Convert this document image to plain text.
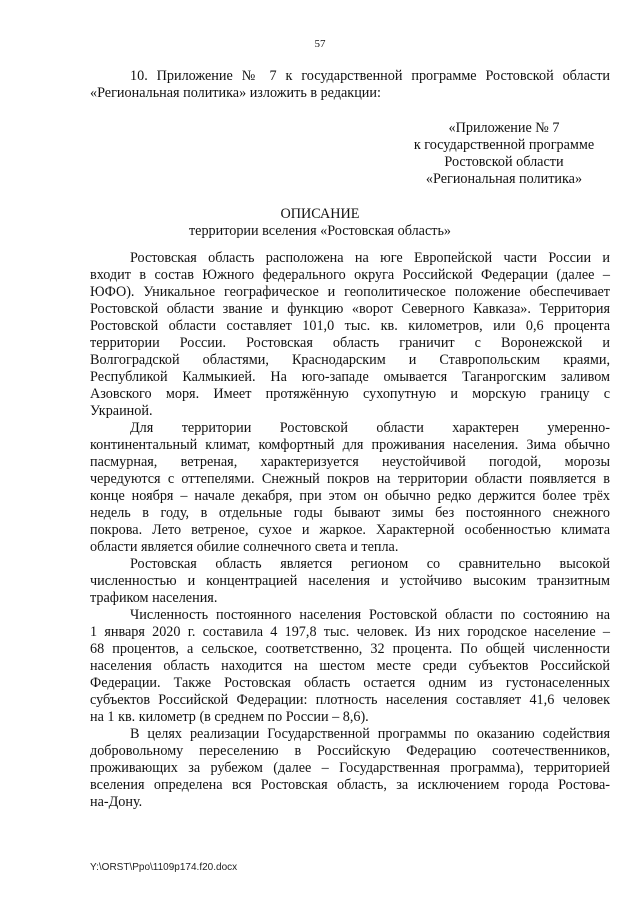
57
10. Приложение № 7 к государственной программе Ростовской области
«Региональная политика» изложить в редакции:
«Приложение № 7
к государственной программе
Ростовской области
«Региональная политика»
ОПИСАНИЕ
территории вселения «Ростовская область»

Ростовская область расположена на юге Европейской части России и
входит в состав Южного федерального округа Российской Федерации (далее –
ЮФО). Уникальное географическое и геополитическое положение обеспечивает
Ростовской области звание и функцию «ворот Северного Кавказа». Территория
Ростовской области составляет 101,0 тыс. кв. километров, или 0,6 процента
территории России. Ростовская область граничит с Воронежской и
Волгоградской областями, Краснодарским и Ставропольским краями,
Республикой Калмыкией. На юго-западе омывается Таганрогским заливом
Азовского моря. Имеет протяжённую сухопутную и морскую границу с
Украиной.

Для территории Ростовской области характерен умеренно-
континентальный климат, комфортный для проживания населения. Зима обычно
пасмурная, ветреная, характеризуется неустойчивой погодой, морозы
чередуются с оттепелями. Снежный покров на территории области появляется в
конце ноября – начале декабря, при этом он обычно редко держится более трёх
недель в году, в отдельные годы бывают зимы без постоянного снежного
покрова. Лето ветреное, сухое и жаркое. Характерной особенностью климата
области является обилие солнечного света и тепла.

Ростовская область является регионом со сравнительно высокой
численностью и концентрацией населения и устойчиво высоким транзитным
трафиком населения.

Численность постоянного населения Ростовской области по состоянию на
1 января 2020 г. составила 4 197,8 тыс. человек. Из них городское население –
68 процентов, а сельское, соответственно, 32 процента. По общей численности
населения область находится на шестом месте среди субъектов Российской
Федерации. Также Ростовская область остается одним из густонаселенных
субъектов Российской Федерации: плотность населения составляет 41,6 человек
на 1 кв. километр (в среднем по России – 8,6).

В целях реализации Государственной программы по оказанию содействия
добровольному переселению в Российскую Федерацию соотечественников,
проживающих за рубежом (далее – Государственная программа), территорией
вселения определена вся Ростовская область, за исключением города Ростова-
на-Дону.

Y:\ORST\Ppo\1109p174.f20.docx
